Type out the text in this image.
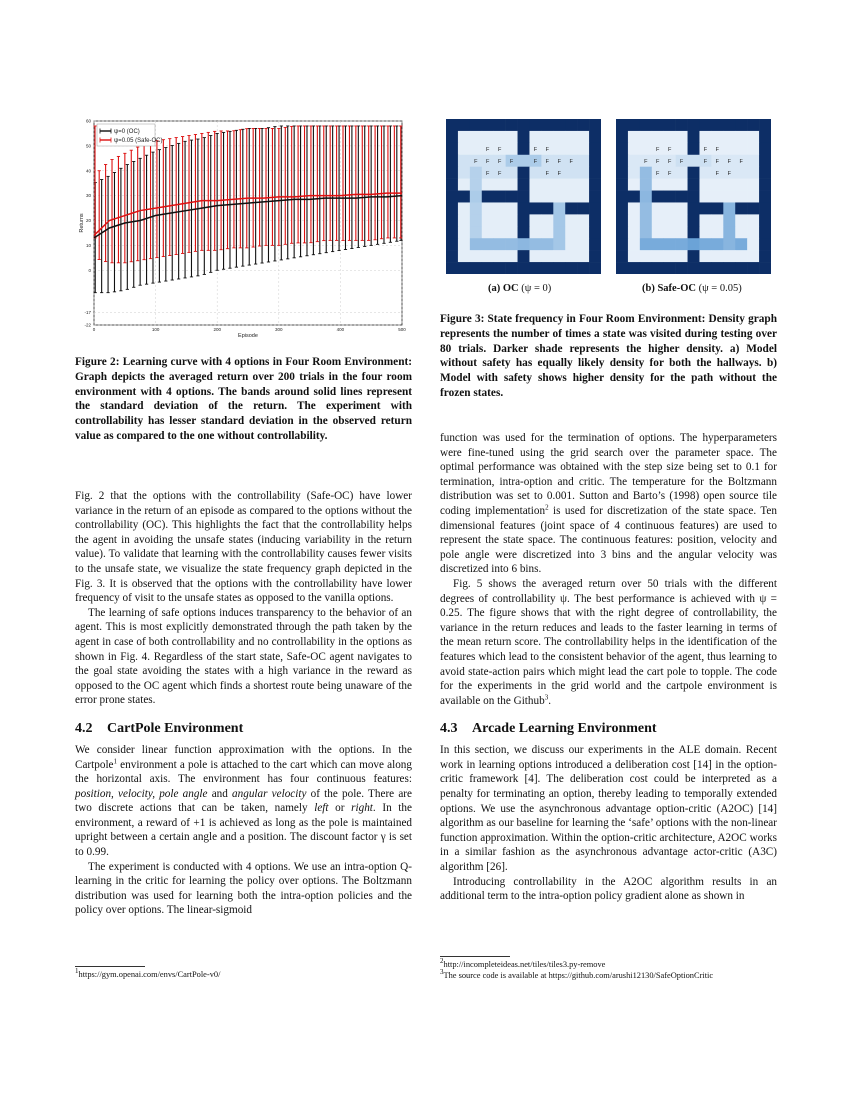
-22
-17
0
10
20
30
40
50
60
0	100	200	300	400	500
Episode
Returns
ψ=0 (OC)
ψ=0.05 (Safe-OC)
Figure 2: Learning curve with 4 options in Four Room Environment: Graph depicts the averaged return over 200 trials in the four room environment with 4 options. The bands around solid lines represent the standard deviation of the return. The experiment with controllability has lesser standard deviation in the observed return value as compared to the one without controllability.
F F	F F
F F F F	F F F F
F F	F F
F F	F F
F F F F	F F F F
F F	F F
(a) OC (ψ = 0)	(b) Safe-OC (ψ = 0.05)
Figure 3: State frequency in Four Room Environment: Density graph represents the number of times a state was visited during testing over 80 trials. Darker shade represents the higher density. a) Model without safety has equally likely density for both the hallways. b) Model with safety shows higher density for the path without the frozen states.

Fig. 2 that the options with the controllability (Safe-OC) have lower variance in the return of an episode as compared to the options without the controllability (OC). This highlights the fact that the controllability helps the agent in avoiding the unsafe states (inducing variability in the return value). To validate that learning with the controllability causes fewer visits to the unsafe state, we visualize the state frequency graph depicted in the Fig. 3. It is observed that the options with the controllability have lower frequency of visit to the unsafe states as opposed to the vanilla options.

The learning of safe options induces transparency to the behavior of an agent. This is most explicitly demonstrated through the path taken by the agent in case of both controllability and no controllability in the options as shown in Fig. 4. Regardless of the start state, Safe-OC agent navigates to the goal state avoiding the states with a high variance in the reward as opposed to the OC agent which finds a shortest route being unaware of the error prone states.

4.2 CartPole Environment

We consider linear function approximation with the options. In the Cartpole$^1$ environment a pole is attached to the cart which can move along the horizontal axis. The environment has four continuous features: position, velocity, pole angle and angular velocity of the pole. There are two discrete actions that can be taken, namely left or right. In the environment, a reward of +1 is achieved as long as the pole is maintained upright between a certain angle and a position. The discount factor γ is set to 0.99.

The experiment is conducted with 4 options. We use an intra-option Q-learning in the critic for learning the policy over options. The Boltzmann distribution was used for learning both the intra-option policies and the policy over options. The linear-sigmoid

$^1$https://gym.openai.com/envs/CartPole-v0/

function was used for the termination of options. The hyperparameters were fine-tuned using the grid search over the parameter space. The optimal performance was obtained with the step size being set to 0.1 for termination, intra-option and critic. The temperature for the Boltzmann distribution was set to 0.001. Sutton and Barto’s (1998) open source tile coding implementation$^2$ is used for discretization of the state space. Ten dimensional features (joint space of 4 continuous features) are used to represent the state space. The continuous features: position, velocity and pole angle were discretized into 3 bins and the angular velocity was discretized into 6 bins.

Fig. 5 shows the averaged return over 50 trials with the different degrees of controllability ψ. The best performance is achieved with ψ = 0.25. The figure shows that with the right degree of controllability, the variance in the return reduces and leads to the faster learning in terms of the mean return score. The controllability helps in the identification of the features which lead to the consistent behavior of the agent, thus learning to avoid state-action pairs which might lead the cart pole to topple. The code for the experiments in the grid world and the cartpole environment is available on the Github$^3$.

4.3 Arcade Learning Environment

In this section, we discuss our experiments in the ALE domain. Recent work in learning options introduced a deliberation cost [14] in the option-critic framework [4]. The deliberation cost could be interpreted as a penalty for terminating an option, thereby leading to temporally extended options. We use the asynchronous advantage option-critic (A2OC) [14] algorithm as our baseline for learning the ‘safe’ options with the non-linear function approximation. Within the option-critic architecture, A2OC works in a similar fashion as the asynchronous advantage actor-critic (A3C) algorithm [26].

Introducing controllability in the A2OC algorithm results in an additional term to the intra-option policy gradient alone as shown in

$^2$http://incompleteideas.net/tiles/tiles3.py-remove
$^3$The source code is available at https://github.com/arushi12130/SafeOptionCritic
